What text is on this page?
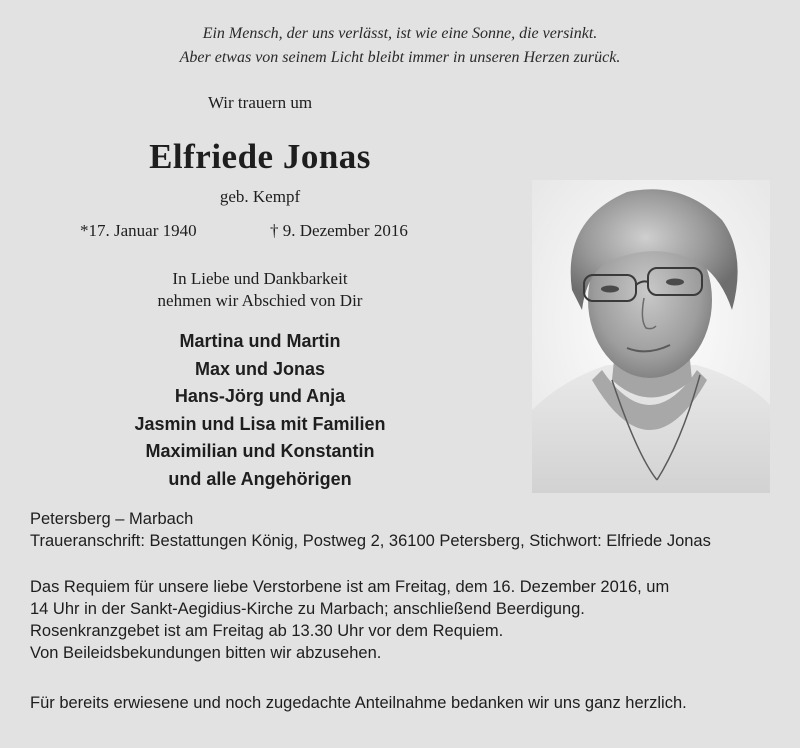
Ein Mensch, der uns verlässt, ist wie eine Sonne, die versinkt.
Aber etwas von seinem Licht bleibt immer in unseren Herzen zurück.
Wir trauern um
Elfriede Jonas
geb. Kempf
*17. Januar 1940	† 9. Dezember 2016
In Liebe und Dankbarkeit
nehmen wir Abschied von Dir
Martina und Martin
Max und Jonas
Hans-Jörg und Anja
Jasmin und Lisa mit Familien
Maximilian und Konstantin
und alle Angehörigen
Petersberg – Marbach
Traueranschrift: Bestattungen König, Postweg 2, 36100 Petersberg, Stichwort: Elfriede Jonas
Das Requiem für unsere liebe Verstorbene ist am Freitag, dem 16. Dezember 2016, um
14 Uhr in der Sankt-Aegidius-Kirche zu Marbach; anschließend Beerdigung.
Rosenkranzgebet ist am Freitag ab 13.30 Uhr vor dem Requiem.
Von Beileidsbekundungen bitten wir abzusehen.
Für bereits erwiesene und noch zugedachte Anteilnahme bedanken wir uns ganz herzlich.
